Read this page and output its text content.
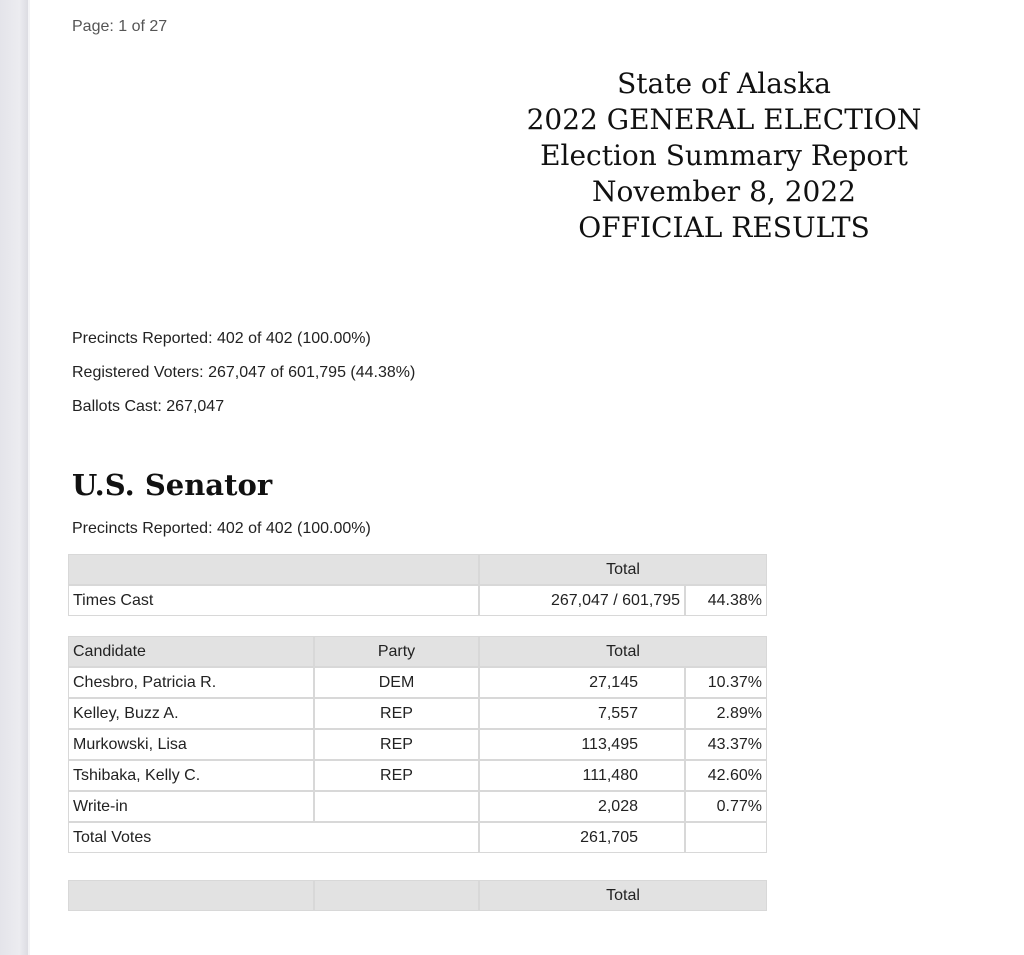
Page: 1 of 27
State of Alaska
2022 GENERAL ELECTION
Election Summary Report
November 8, 2022
OFFICIAL RESULTS
Precincts Reported: 402 of 402 (100.00%)
Registered Voters: 267,047 of 601,795 (44.38%)
Ballots Cast: 267,047
U.S. Senator
Precincts Reported: 402 of 402 (100.00%)
	Total	
Times Cast	267,047 / 601,795	44.38%
Candidate	Party	Total	
Chesbro, Patricia R.	DEM	27,145	10.37%
Kelley, Buzz A.	REP	7,557	2.89%
Murkowski, Lisa	REP	113,495	43.37%
Tshibaka, Kelly C.	REP	111,480	42.60%
Write-in		2,028	0.77%
Total Votes		261,705	
		Total
